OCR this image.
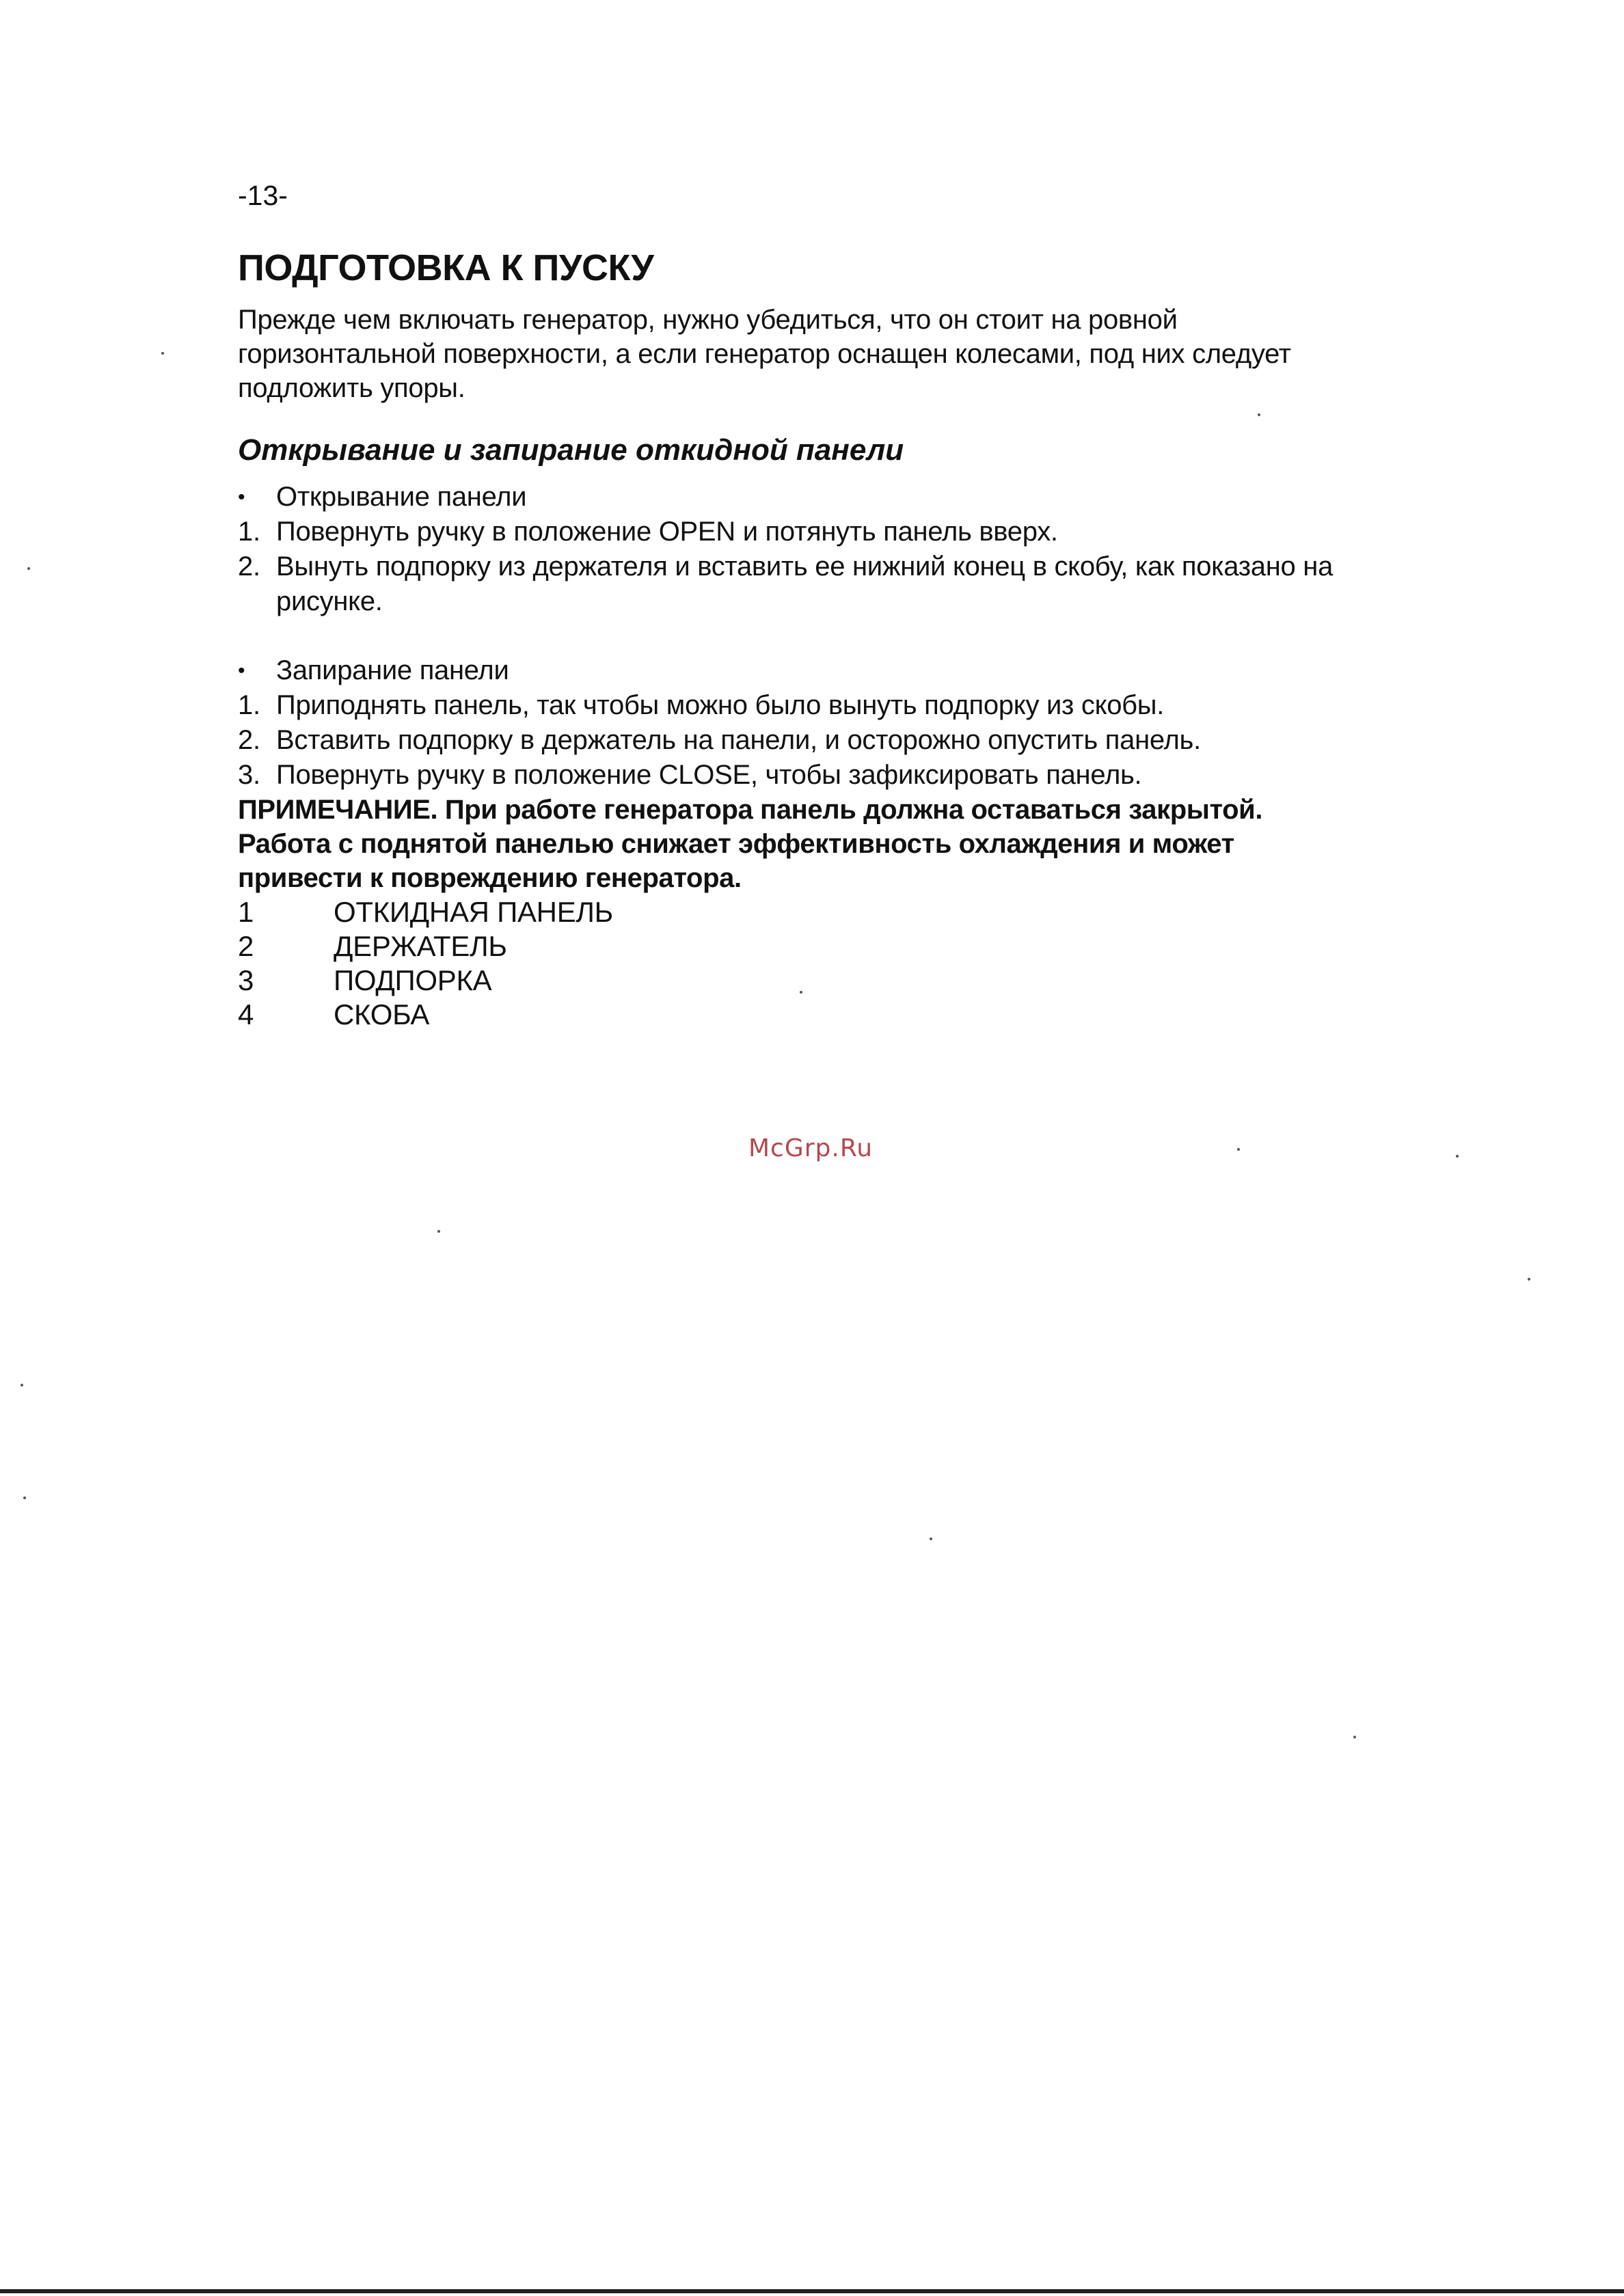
-13-
ПОДГОТОВКА К ПУСКУ

Прежде чем включать генератор, нужно убедиться, что он стоит на ровной горизонтальной поверхности, а если генератор оснащен колесами, под них следует подложить упоры.

Открывание и запирание откидной панели
•	Открывание панели
1. Повернуть ручку в положение OPEN и потянуть панель вверх.
2. Вынуть подпорку из держателя и вставить ее нижний конец в скобу, как показано на рисунке.
•	Запирание панели
1. Приподнять панель, так чтобы можно было вынуть подпорку из скобы.
2. Вставить подпорку в держатель на панели, и осторожно опустить панель.
3. Повернуть ручку в положение CLOSE, чтобы зафиксировать панель.

ПРИМЕЧАНИЕ. При работе генератора панель должна оставаться закрытой. Работа с поднятой панелью снижает эффективность охлаждения и может привести к повреждению генератора.

1	ОТКИДНАЯ ПАНЕЛЬ
2	ДЕРЖАТЕЛЬ
3	ПОДПОРКА
4	СКОБА
McGrp.Ru
